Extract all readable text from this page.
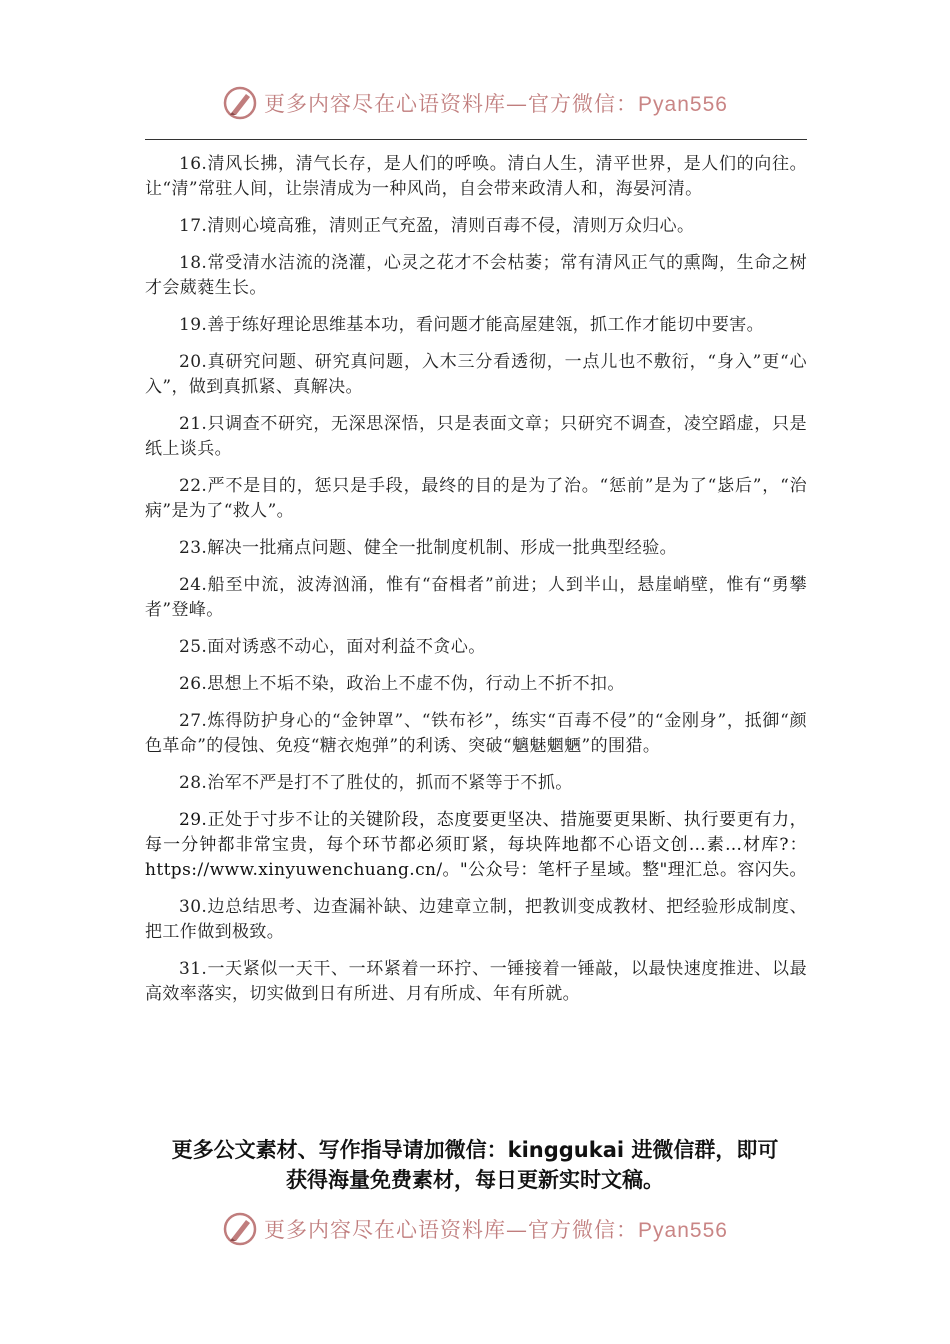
更多内容尽在心语资料库—官方微信：Pyan556

16.清风长拂，清气长存，是人们的呼唤。清白人生，清平世界，是人们的向往。让“清”常驻人间，让崇清成为一种风尚，自会带来政清人和，海晏河清。

17.清则心境高雅，清则正气充盈，清则百毒不侵，清则万众归心。

18.常受清水洁流的浇灌，心灵之花才不会枯萎；常有清风正气的熏陶，生命之树才会葳蕤生长。

19.善于练好理论思维基本功，看问题才能高屋建瓴，抓工作才能切中要害。

20.真研究问题、研究真问题，入木三分看透彻，一点儿也不敷衍，“身入”更“心入”，做到真抓紧、真解决。

21.只调查不研究，无深思深悟，只是表面文章；只研究不调查，凌空蹈虚，只是纸上谈兵。

22.严不是目的，惩只是手段，最终的目的是为了治。“惩前”是为了“毖后”，“治病”是为了“救人”。

23.解决一批痛点问题、健全一批制度机制、形成一批典型经验。

24.船至中流，波涛汹涌，惟有“奋楫者”前进；人到半山，悬崖峭壁，惟有“勇攀者”登峰。

25.面对诱惑不动心，面对利益不贪心。

26.思想上不垢不染，政治上不虚不伪，行动上不折不扣。

27.炼得防护身心的“金钟罩”、“铁布衫”，练实“百毒不侵”的“金刚身”，抵御“颜色革命”的侵蚀、免疫“糖衣炮弹”的利诱、突破“魑魅魍魉”的围猎。

28.治军不严是打不了胜仗的，抓而不紧等于不抓。

29.正处于寸步不让的关键阶段，态度要更坚决、措施要更果断、执行要更有力，每一分钟都非常宝贵，每个环节都必须盯紧，每块阵地都不心语文创…素…材库?：https://www.xinyuwenchuang.cn/。"公众号：笔杆子星域。整"理汇总。容闪失。

30.边总结思考、边查漏补缺、边建章立制，把教训变成教材、把经验形成制度、把工作做到极致。

31.一天紧似一天干、一环紧着一环拧、一锤接着一锤敲，以最快速度推进、以最高效率落实，切实做到日有所进、月有所成、年有所就。

更多公文素材、写作指导请加微信：kinggukai 进微信群，即可
获得海量免费素材，每日更新实时文稿。
更多内容尽在心语资料库—官方微信：Pyan556
